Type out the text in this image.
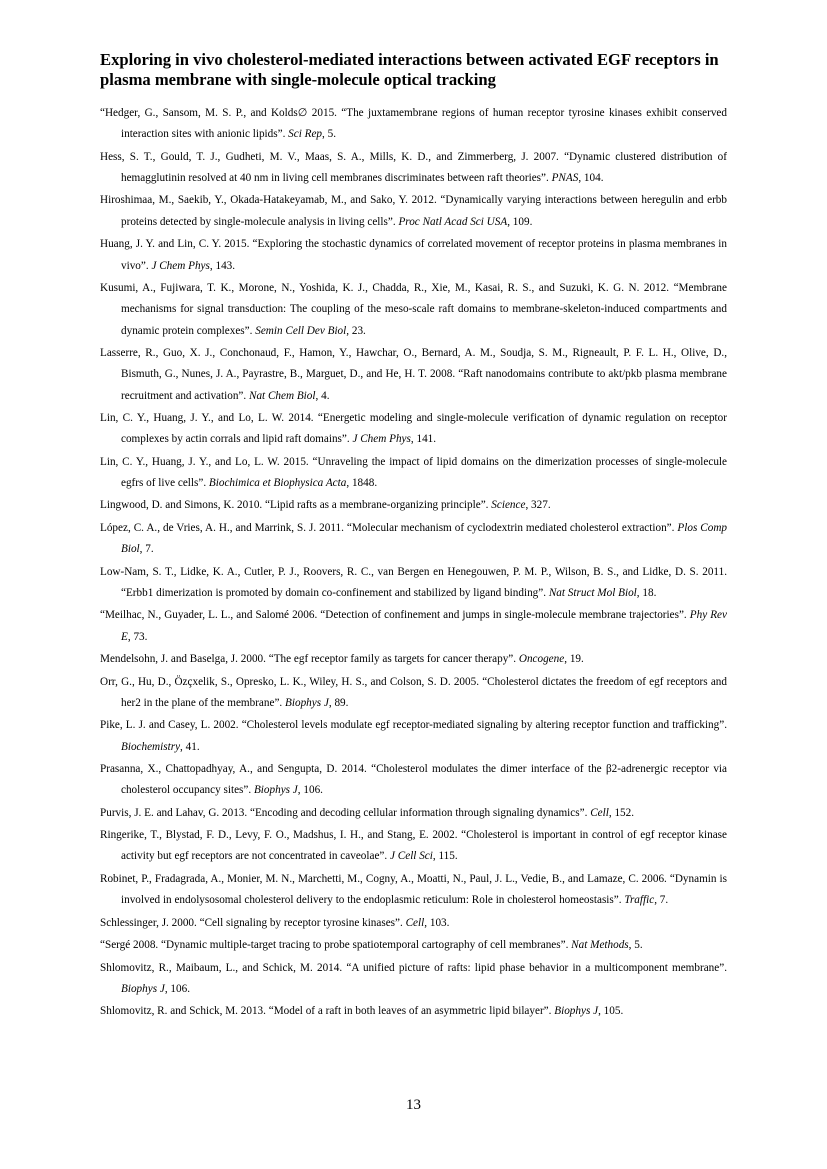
Exploring in vivo cholesterol-mediated interactions between activated EGF receptors in plasma membrane with single-molecule optical tracking

“Hedger, G., Sansom, M. S. P., and Kolds∅ 2015. “The juxtamembrane regions of human receptor tyrosine kinases exhibit conserved interaction sites with anionic lipids”. Sci Rep, 5.

Hess, S. T., Gould, T. J., Gudheti, M. V., Maas, S. A., Mills, K. D., and Zimmerberg, J. 2007. “Dynamic clustered distribution of hemagglutinin resolved at 40 nm in living cell membranes discriminates between raft theories”. PNAS, 104.

Hiroshimaa, M., Saekib, Y., Okada-Hatakeyamab, M., and Sako, Y. 2012. “Dynamically varying interactions between heregulin and erbb proteins detected by single-molecule analysis in living cells”. Proc Natl Acad Sci USA, 109.

Huang, J. Y. and Lin, C. Y. 2015. “Exploring the stochastic dynamics of correlated movement of receptor proteins in plasma membranes in vivo”. J Chem Phys, 143.

Kusumi, A., Fujiwara, T. K., Morone, N., Yoshida, K. J., Chadda, R., Xie, M., Kasai, R. S., and Suzuki, K. G. N. 2012. “Membrane mechanisms for signal transduction: The coupling of the meso-scale raft domains to membrane-skeleton-induced compartments and dynamic protein complexes”. Semin Cell Dev Biol, 23.

Lasserre, R., Guo, X. J., Conchonaud, F., Hamon, Y., Hawchar, O., Bernard, A. M., Soudja, S. M., Rigneault, P. F. L. H., Olive, D., Bismuth, G., Nunes, J. A., Payrastre, B., Marguet, D., and He, H. T. 2008. “Raft nanodomains contribute to akt/pkb plasma membrane recruitment and activation”. Nat Chem Biol, 4.

Lin, C. Y., Huang, J. Y., and Lo, L. W. 2014. “Energetic modeling and single-molecule verification of dynamic regulation on receptor complexes by actin corrals and lipid raft domains”. J Chem Phys, 141.

Lin, C. Y., Huang, J. Y., and Lo, L. W. 2015. “Unraveling the impact of lipid domains on the dimerization processes of single-molecule egfrs of live cells”. Biochimica et Biophysica Acta, 1848.

Lingwood, D. and Simons, K. 2010. “Lipid rafts as a membrane-organizing principle”. Science, 327.

López, C. A., de Vries, A. H., and Marrink, S. J. 2011. “Molecular mechanism of cyclodextrin mediated cholesterol extraction”. Plos Comp Biol, 7.

Low-Nam, S. T., Lidke, K. A., Cutler, P. J., Roovers, R. C., van Bergen en Henegouwen, P. M. P., Wilson, B. S., and Lidke, D. S. 2011. “Erbb1 dimerization is promoted by domain co-confinement and stabilized by ligand binding”. Nat Struct Mol Biol, 18.

“Meilhac, N., Guyader, L. L., and Salomé 2006. “Detection of confinement and jumps in single-molecule membrane trajectories”. Phy Rev E, 73.

Mendelsohn, J. and Baselga, J. 2000. “The egf receptor family as targets for cancer therapy”. Oncogene, 19.

Orr, G., Hu, D., Özçxelik, S., Opresko, L. K., Wiley, H. S., and Colson, S. D. 2005. “Cholesterol dictates the freedom of egf receptors and her2 in the plane of the membrane”. Biophys J, 89.

Pike, L. J. and Casey, L. 2002. “Cholesterol levels modulate egf receptor-mediated signaling by altering receptor function and trafficking”. Biochemistry, 41.

Prasanna, X., Chattopadhyay, A., and Sengupta, D. 2014. “Cholesterol modulates the dimer interface of the β2-adrenergic receptor via cholesterol occupancy sites”. Biophys J, 106.

Purvis, J. E. and Lahav, G. 2013. “Encoding and decoding cellular information through signaling dynamics”. Cell, 152.

Ringerike, T., Blystad, F. D., Levy, F. O., Madshus, I. H., and Stang, E. 2002. “Cholesterol is important in control of egf receptor kinase activity but egf receptors are not concentrated in caveolae”. J Cell Sci, 115.

Robinet, P., Fradagrada, A., Monier, M. N., Marchetti, M., Cogny, A., Moatti, N., Paul, J. L., Vedie, B., and Lamaze, C. 2006. “Dynamin is involved in endolysosomal cholesterol delivery to the endoplasmic reticulum: Role in cholesterol homeostasis”. Traffic, 7.

Schlessinger, J. 2000. “Cell signaling by receptor tyrosine kinases”. Cell, 103.

“Sergé 2008. “Dynamic multiple-target tracing to probe spatiotemporal cartography of cell membranes”. Nat Methods, 5.

Shlomovitz, R., Maibaum, L., and Schick, M. 2014. “A unified picture of rafts: lipid phase behavior in a multicomponent membrane”. Biophys J, 106.

Shlomovitz, R. and Schick, M. 2013. “Model of a raft in both leaves of an asymmetric lipid bilayer”. Biophys J, 105.

13
